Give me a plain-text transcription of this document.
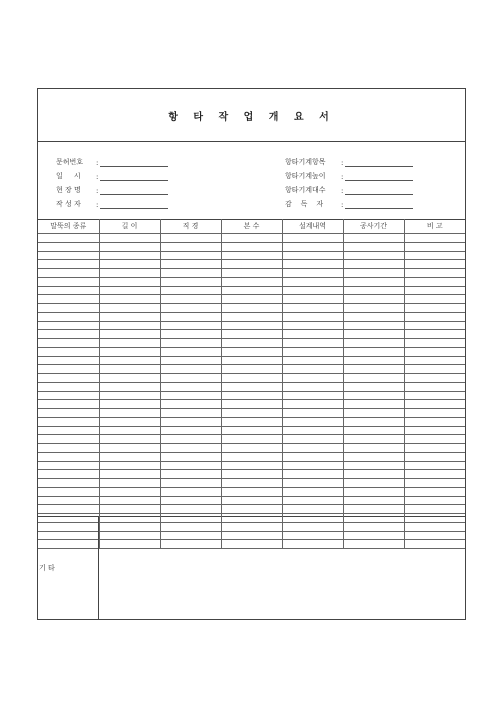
항 타 작 업 개 요 서
문허번호	:
일     시	:
현 장 명	:
작 성 자	:
항타기계항목	:
항타기계높이	:
항타기계대수	:
감    독    자	:
말뚝의 종류	길 이	직 경	본 수	설계내역	공사기간	비 고

기 타
